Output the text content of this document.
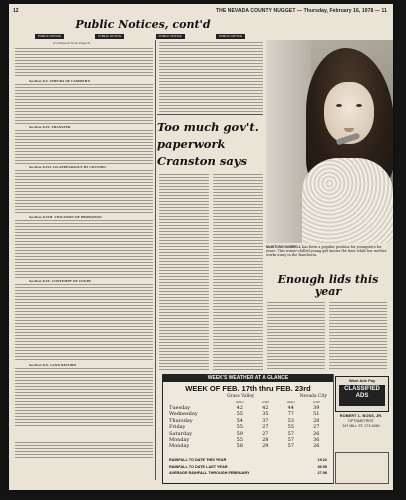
12	THE NEVADA COUNTY NUGGET — Thursday, February 16, 1978 — 11
Public Notices, cont'd
PUBLIC NOTICE	PUBLIC NOTICE	PUBLIC NOTICE	PUBLIC NOTICE
(Continued from Page 6)
Section 8-V. CHECKS OF CASHIER'S
Section 8-VI. TRANSFER
Section 8-VII. LD-APPEARANCE BY COUNSEL
Section 8-VIII. VIOLATION OF PROBATION
Section 8-IX. CONTEMPT OF COURT
Section 8-X. LAND RECORD
Too much gov't. paperwork Cranston says
McINTOSH NOBRELL has been a popular position for youngsters for years. This winter-chilled young girl knows the time while her mother works away in the Rancheria.
Enough lids this year
WEEK'S WEATHER AT A GLANCE
WEEK OF FEB. 17th thru FEB. 23rd
Grass Valley	Nevada City
HIGH	LOW	HIGH	LOW
Tuesday	42	42	44	39
Wednesday	55	35	77	51
Thursday	54	37	53	28
Friday	55	27	55	27
Saturday	59	27	57	26
Monday	55	28	57	36
Monday	58	29	57	26
RAINFALL TO DATE THIS YEAR	19.22
RAINFALL TO DATE LAST YEAR	36.95
AVERAGE RAINFALL THROUGH FEBRUARY	27.98
Want Ads Pay
CLASSIFIED ADS
ROBERT L. BOSS, JR.
OPTOMETRIST
247 MILL ST. 273-4284
